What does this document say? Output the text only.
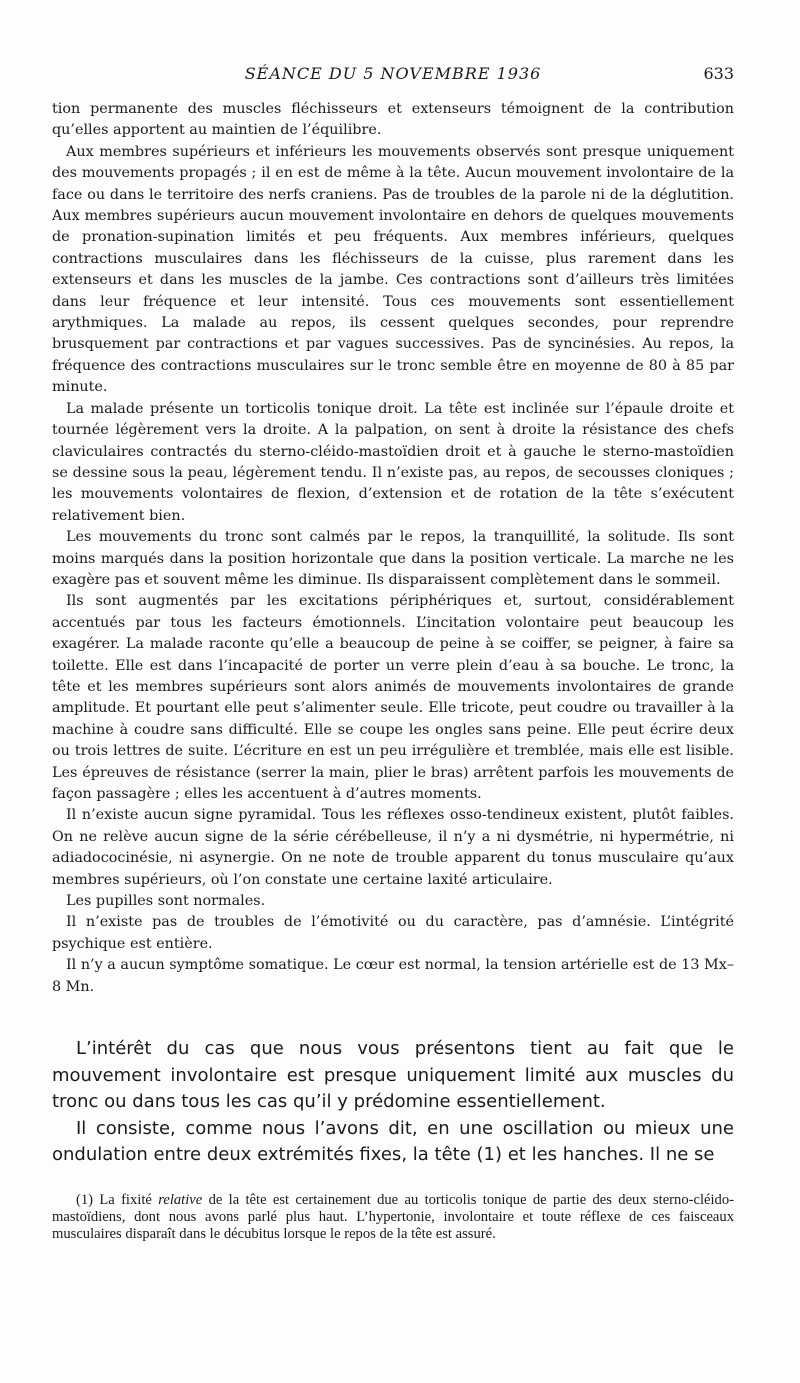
SÉANCE DU 5 NOVEMBRE 1936	633

tion permanente des muscles fléchisseurs et extenseurs témoignent de la contribution qu’elles apportent au maintien de l’équilibre.

Aux membres supérieurs et inférieurs les mouvements observés sont presque uniquement des mouvements propagés ; il en est de même à la tête. Aucun mouvement involontaire de la face ou dans le territoire des nerfs craniens. Pas de troubles de la parole ni de la déglutition. Aux membres supérieurs aucun mouvement involontaire en dehors de quelques mouvements de pronation-supination limités et peu fréquents. Aux membres inférieurs, quelques contractions musculaires dans les fléchisseurs de la cuisse, plus rarement dans les extenseurs et dans les muscles de la jambe. Ces contractions sont d’ailleurs très limitées dans leur fréquence et leur intensité. Tous ces mouvements sont essentiellement arythmiques. La malade au repos, ils cessent quelques secondes, pour reprendre brusquement par contractions et par vagues successives. Pas de syncinésies. Au repos, la fréquence des contractions musculaires sur le tronc semble être en moyenne de 80 à 85 par minute.

La malade présente un torticolis tonique droit. La tête est inclinée sur l’épaule droite et tournée légèrement vers la droite. A la palpation, on sent à droite la résistance des chefs claviculaires contractés du sterno-cléido-mastoïdien droit et à gauche le sterno-mastoïdien se dessine sous la peau, légèrement tendu. Il n’existe pas, au repos, de secousses cloniques ; les mouvements volontaires de flexion, d’extension et de rotation de la tête s’exécutent relativement bien.

Les mouvements du tronc sont calmés par le repos, la tranquillité, la solitude. Ils sont moins marqués dans la position horizontale que dans la position verticale. La marche ne les exagère pas et souvent même les diminue. Ils disparaissent complètement dans le sommeil.

Ils sont augmentés par les excitations périphériques et, surtout, considérablement accentués par tous les facteurs émotionnels. L’incitation volontaire peut beaucoup les exagérer. La malade raconte qu’elle a beaucoup de peine à se coiffer, se peigner, à faire sa toilette. Elle est dans l’incapacité de porter un verre plein d’eau à sa bouche. Le tronc, la tête et les membres supérieurs sont alors animés de mouvements involontaires de grande amplitude. Et pourtant elle peut s’alimenter seule. Elle tricote, peut coudre ou travailler à la machine à coudre sans difficulté. Elle se coupe les ongles sans peine. Elle peut écrire deux ou trois lettres de suite. L’écriture en est un peu irrégulière et tremblée, mais elle est lisible. Les épreuves de résistance (serrer la main, plier le bras) arrêtent parfois les mouvements de façon passagère ; elles les accentuent à d’autres moments.

Il n’existe aucun signe pyramidal. Tous les réflexes osso-tendineux existent, plutôt faibles. On ne relève aucun signe de la série cérébelleuse, il n’y a ni dysmétrie, ni hypermétrie, ni adiadococinésie, ni asynergie. On ne note de trouble apparent du tonus musculaire qu’aux membres supérieurs, où l’on constate une certaine laxité articulaire.

Les pupilles sont normales.

Il n’existe pas de troubles de l’émotivité ou du caractère, pas d’amnésie. L’intégrité psychique est entière.

Il n’y a aucun symptôme somatique. Le cœur est normal, la tension artérielle est de 13 Mx–8 Mn.

L’intérêt du cas que nous vous présentons tient au fait que le mouvement involontaire est presque uniquement limité aux muscles du tronc ou dans tous les cas qu’il y prédomine essentiellement.

Il consiste, comme nous l’avons dit, en une oscillation ou mieux une ondulation entre deux extrémités fixes, la tête (1) et les hanches. Il ne se

(1) La fixité relative de la tête est certainement due au torticolis tonique de partie des deux sterno-cléido-mastoïdiens, dont nous avons parlé plus haut. L’hypertonie, involontaire et toute réflexe de ces faisceaux musculaires disparaît dans le décubitus lorsque le repos de la tête est assuré.
